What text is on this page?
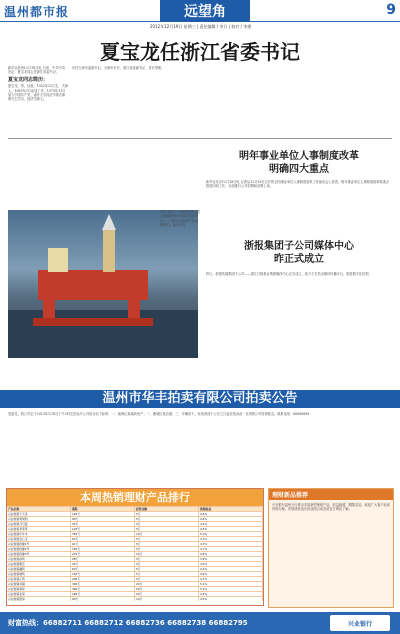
温州都市报	远望角	9
2012年12月19日 星期三 | 责任编辑 / 李旦 | 校对 / 李建
夏宝龙任浙江省委书记

新华社杭州12月18日电 日前，中共中央决定：夏宝龙同志任浙江省委书记。

夏宝龙同志简历：

夏宝龙，男，汉族，1952年12月生，天津人，1969年3月参加工作，1973年11月加入中国共产党，南开大学经济学系在职研究生学历，经济学硕士。

历任天津市委副书记、天津市市长，浙江省委副书记、省长等职。

12月18日，中国首座自主设计建造的深水半潜式钻井平台——“海洋石油981”在南海停泊。新华社发
明年事业单位人事制度改革
明确四大重点
新华社北京12月18日电 记者从12月18日召开的全国事业单位人事制度改革工作座谈会上获悉，明年事业单位人事制度改革将重点推进四项工作，全面推行公开招聘和竞聘上岗。
浙报集团子公司媒体中心
昨正式成立
昨日，浙报传媒集团子公司——浙江日报报业集团媒体中心正式成立，致力于打造全媒体传播平台，推进数字化转型。
温州市华丰拍卖有限公司拍卖公告
受委托，我公司定于2013年1月8日下午2时在拍卖厅公开拍卖以下标的：一、瓯海区某地块房产；二、鹿城区某店面；三、车辆若干。有意者请于公告之日起至拍卖前一日到我公司咨询报名。联系电话：88888888
本周热销理财产品排行
产品名称	期限	起售金额	预期收益
兴业财富天天金	182天	5万	4.6%
兴业财富周周利	90天	5万	4.4%
兴业财富月月盈	35天	5万	4.2%
兴业财富季季享	120天	5万	4.5%
兴业财富年年丰	365天	10万	5.0%
兴业财富安心宝	63天	5万	4.1%
兴业财富稳健1号	91天	5万	4.3%
兴业财富稳健2号	181天	5万	4.7%
兴业财富稳健3号	270天	10万	4.8%
兴业财富添利	28天	5万	3.9%
兴业财富聚宝	45天	5万	4.0%
兴业财富鑫利	60天	5万	4.2%
兴业财富增利	150天	5万	4.6%
兴业财富汇利	200天	5万	4.7%
兴业财富卓越	300天	20万	5.1%
兴业财富尊享	360天	50万	5.3%
兴业财富金享	180天	20万	4.9%
兴业财富银享	90天	10万	4.5%
理财新品推荐
兴业银行温州分行推出多款新型理财产品，收益稳健，期限灵活，欢迎广大客户前来咨询办理。详情请致电各营业网点或登录官方网站了解。
财富热线：66882711 66882712 66882736 66882738 66882795	兴业银行
